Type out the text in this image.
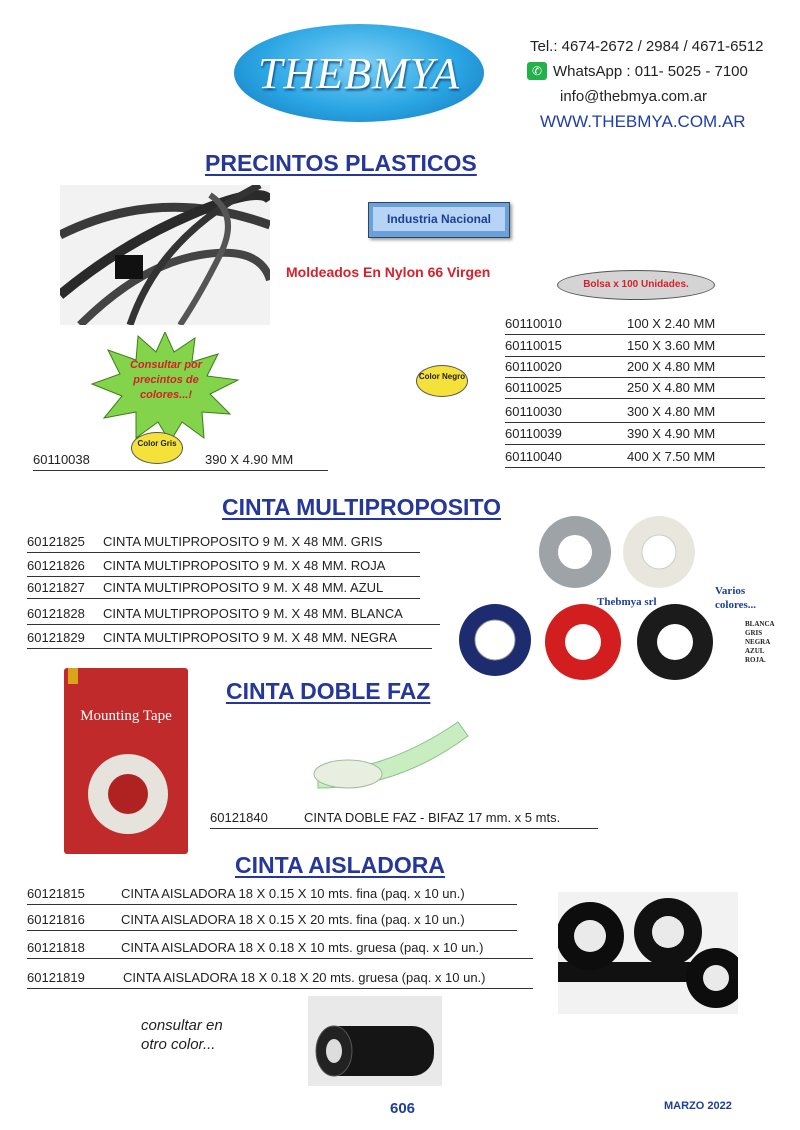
THEBMYA
Tel.: 4674-2672 / 2984 / 4671-6512
✆ WhatsApp : 011- 5025 - 7100
info@thebmya.com.ar
WWW.THEBMYA.COM.AR
PRECINTOS PLASTICOS
Industria Nacional
Moldeados En Nylon 66 Virgen
Bolsa x 100 Unidades.
60110010	100 X 2.40 MM
60110015	150 X 3.60 MM
60110020	200 X 4.80 MM
60110025	250 X 4.80 MM
60110030	300 X 4.80 MM
60110039	390 X 4.90 MM
60110040	400 X 7.50 MM
Consultar por precintos de colores...!
Color Negro
Color Gris
60110038	390 X 4.90 MM
CINTA MULTIPROPOSITO
60121825 CINTA MULTIPROPOSITO 9 M. X 48 MM. GRIS
60121826 CINTA MULTIPROPOSITO 9 M. X 48 MM. ROJA
60121827 CINTA MULTIPROPOSITO 9 M. X 48 MM. AZUL
60121828 CINTA MULTIPROPOSITO 9 M. X 48 MM. BLANCA
60121829 CINTA MULTIPROPOSITO 9 M. X 48 MM. NEGRA
Thebmya srl
Varios colores...
BLANCA GRIS NEGRA AZUL ROJA.
CINTA DOBLE FAZ
Mounting Tape
60121840	CINTA DOBLE FAZ - BIFAZ 17 mm. x 5 mts.
CINTA AISLADORA
60121815	CINTA AISLADORA 18 X 0.15 X 10 mts. fina (paq. x 10 un.)
60121816	CINTA AISLADORA 18 X 0.15 X 20 mts. fina (paq. x 10 un.)
60121818	CINTA AISLADORA 18 X 0.18 X 10 mts. gruesa (paq. x 10 un.)
60121819	CINTA AISLADORA 18 X 0.18 X 20 mts. gruesa (paq. x 10 un.)
consultar en otro color...
606	MARZO 2022
